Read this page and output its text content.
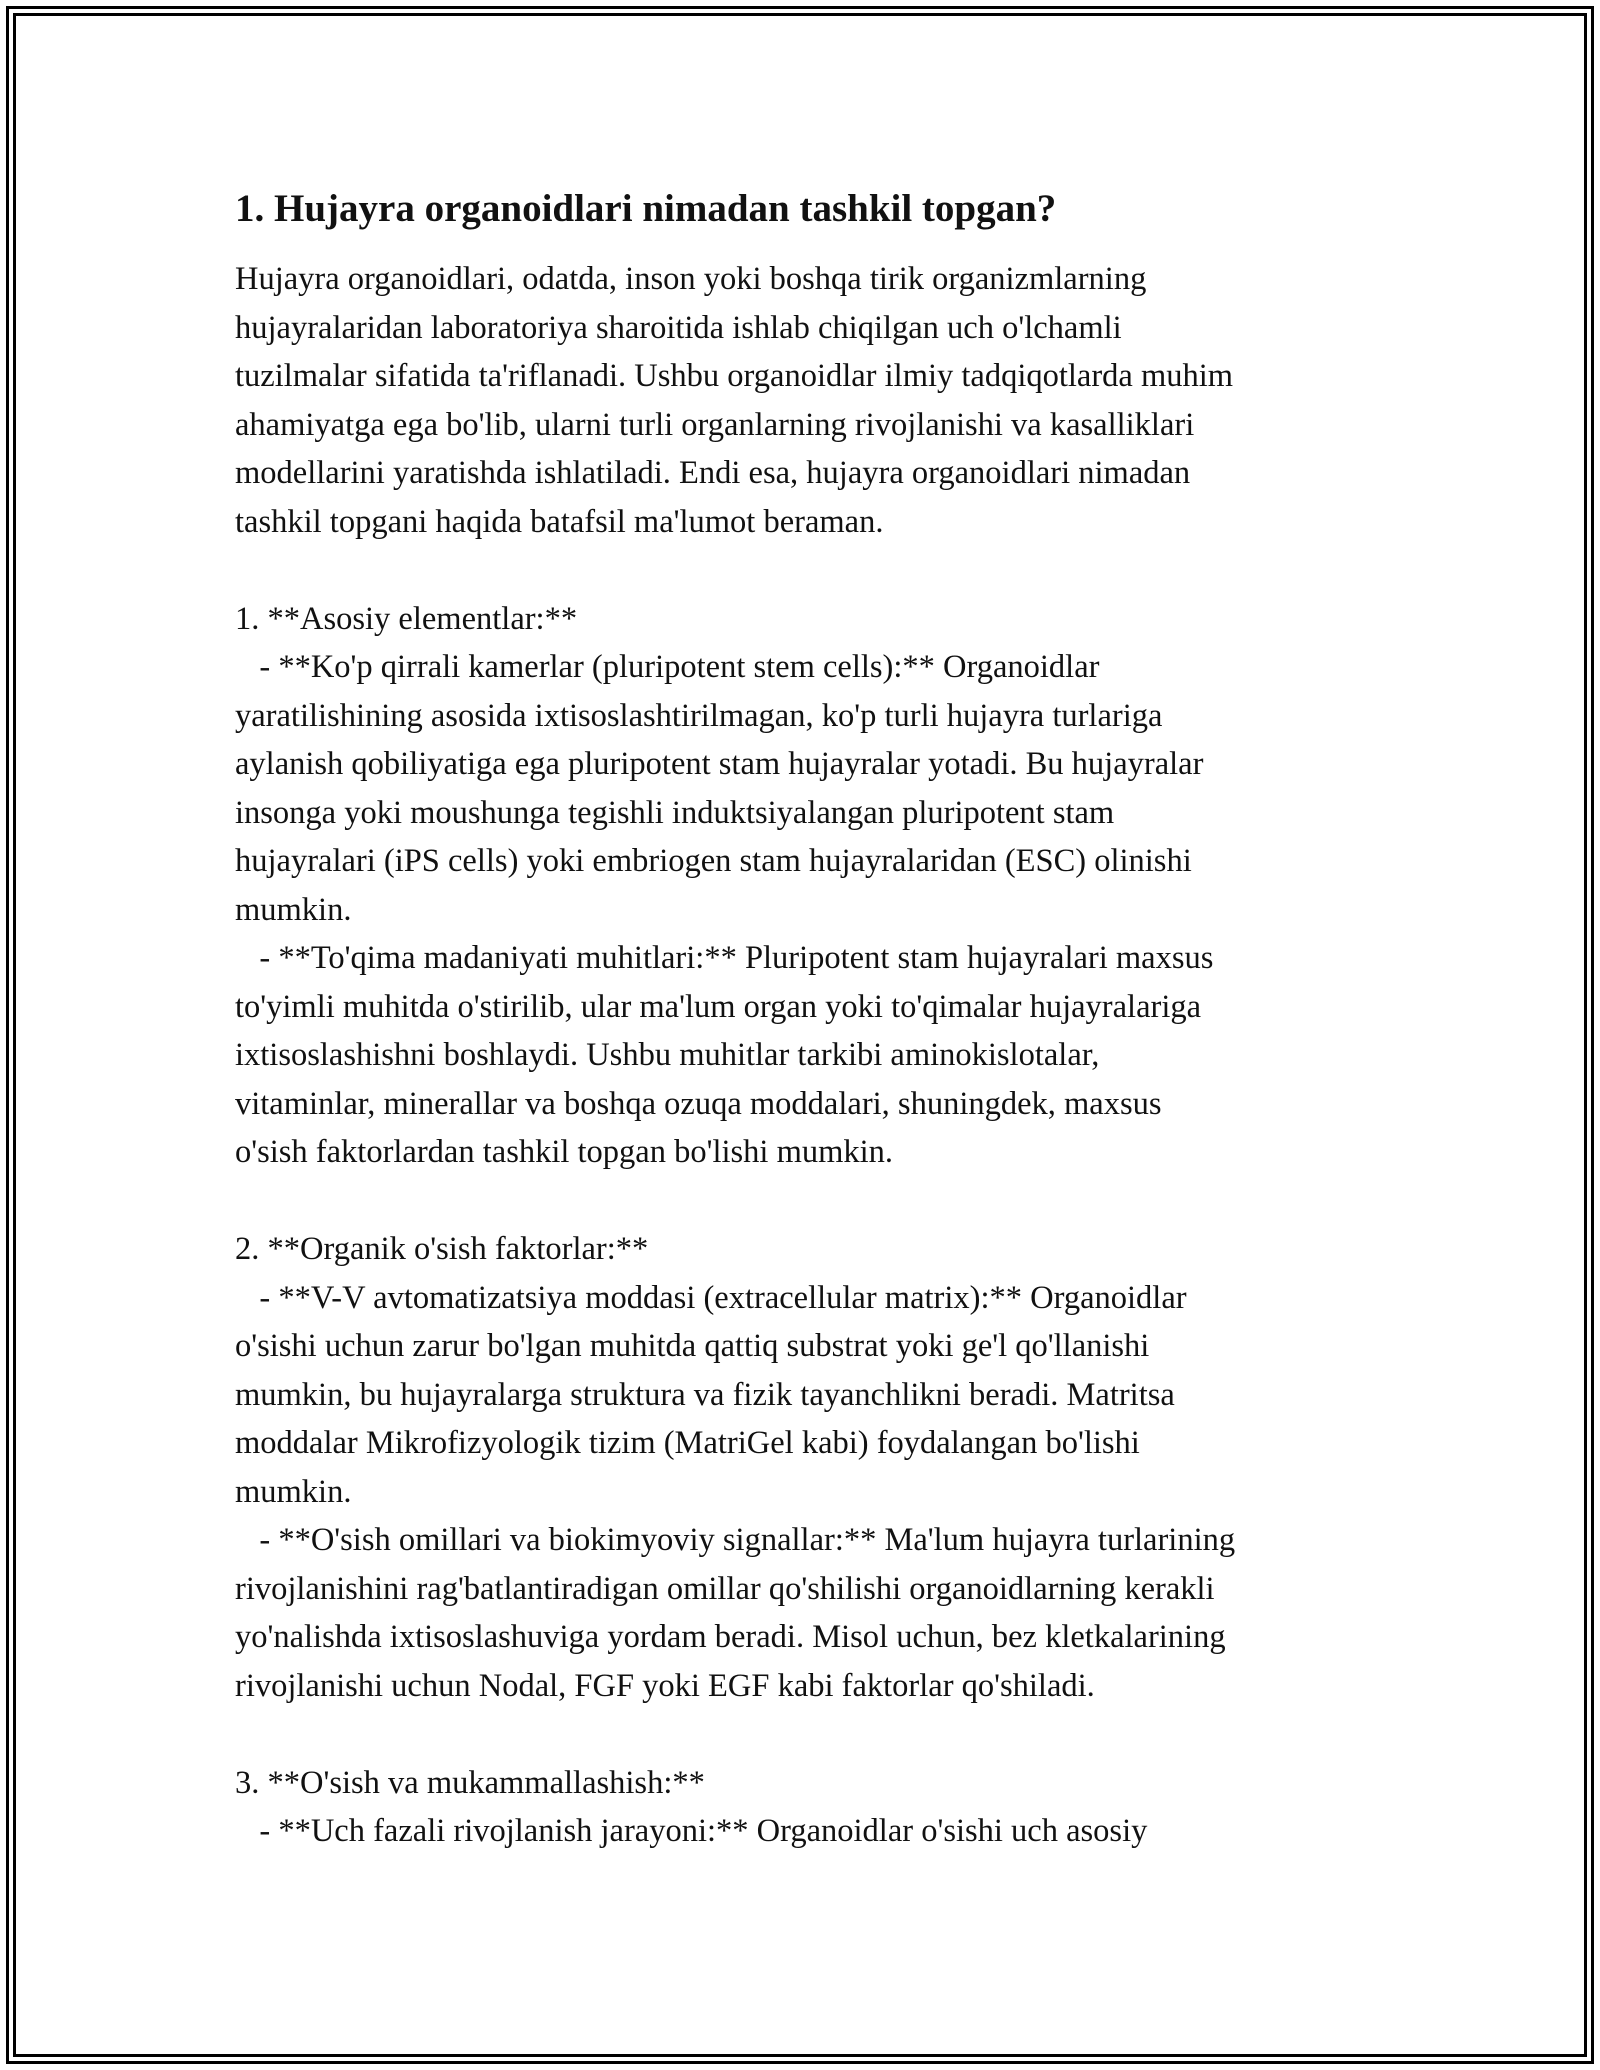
1. Hujayra organoidlari nimadan tashkil topgan?

Hujayra organoidlari, odatda, inson yoki boshqa tirik organizmlarning
hujayralaridan laboratoriya sharoitida ishlab chiqilgan uch o'lchamli
tuzilmalar sifatida ta'riflanadi. Ushbu organoidlar ilmiy tadqiqotlarda muhim
ahamiyatga ega bo'lib, ularni turli organlarning rivojlanishi va kasalliklari
modellarini yaratishda ishlatiladi. Endi esa, hujayra organoidlari nimadan
tashkil topgani haqida batafsil ma'lumot beraman.

1. **Asosiy elementlar:**
- **Ko'p qirrali kamerlar (pluripotent stem cells):** Organoidlar
yaratilishining asosida ixtisoslashtirilmagan, ko'p turli hujayra turlariga
aylanish qobiliyatiga ega pluripotent stam hujayralar yotadi. Bu hujayralar
insonga yoki moushunga tegishli induktsiyalangan pluripotent stam
hujayralari (iPS cells) yoki embriogen stam hujayralaridan (ESC) olinishi
mumkin.
- **To'qima madaniyati muhitlari:** Pluripotent stam hujayralari maxsus
to'yimli muhitda o'stirilib, ular ma'lum organ yoki to'qimalar hujayralariga
ixtisoslashishni boshlaydi. Ushbu muhitlar tarkibi aminokislotalar,
vitaminlar, minerallar va boshqa ozuqa moddalari, shuningdek, maxsus
o'sish faktorlardan tashkil topgan bo'lishi mumkin.

2. **Organik o'sish faktorlar:**
- **V-V avtomatizatsiya moddasi (extracellular matrix):** Organoidlar
o'sishi uchun zarur bo'lgan muhitda qattiq substrat yoki ge'l qo'llanishi
mumkin, bu hujayralarga struktura va fizik tayanchlikni beradi. Matritsa
moddalar Mikrofizyologik tizim (MatriGel kabi) foydalangan bo'lishi
mumkin.
- **O'sish omillari va biokimyoviy signallar:** Ma'lum hujayra turlarining
rivojlanishini rag'batlantiradigan omillar qo'shilishi organoidlarning kerakli
yo'nalishda ixtisoslashuviga yordam beradi. Misol uchun, bez kletkalarining
rivojlanishi uchun Nodal, FGF yoki EGF kabi faktorlar qo'shiladi.

3. **O'sish va mukammallashish:**
- **Uch fazali rivojlanish jarayoni:** Organoidlar o'sishi uch asosiy
